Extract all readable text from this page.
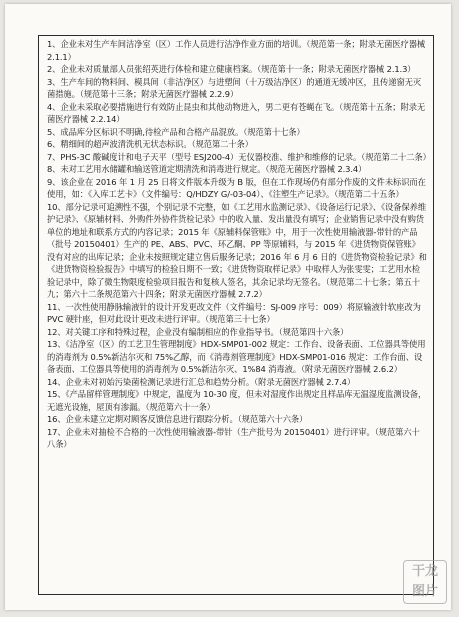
1、企业未对生产车间洁净室（区）工作人员进行洁净作业方面的培训。（规范第一条；附录无菌医疗器械 2.1.1）

2、企业未对质量部人员张绍英进行体检和建立健康档案。（规范第十一条；附录无菌医疗器械 2.1.3）

3、生产车间的物料间、模具间（非洁净区）与进塑间（十万级洁净区）的通道无缓冲区，且传递窗无灭菌措施。（规范第十三条；附录无菌医疗器械 2.2.9）

4、企业未采取必要措施进行有效防止昆虫和其他动物进入，男二更有苍蝇在飞。（规范第十五条；附录无菌医疗器械 2.2.14）

5、成品库分区标识不明确,待检产品和合格产品混放。（规范第十七条）

6、精细间的超声波清洗机无状态标识。（规范第二十条）

7、PHS-3C 酸碱度计和电子天平（型号 ESJ200-4）无仪器校准、维护和维修的记录。（规范第二十二条）

8、未对工艺用水储罐和输送管道定期清洗和消毒进行规定。（规范无菌医疗器械 2.3.4）

9、该企业在 2016 年 1 月 25 日将文件版本升级为 B 版，但在工作现场仍有部分作废的文件未标识而在使用，如：《入库工艺卡》（文件编号：Q/HDZY G/-03-04）、《注塑生产记录》。（规范第二十五条）

10、部分记录可追溯性不强，个别记录不完整，如《工艺用水监测记录》、《设备运行记录》、《设备保养维护记录》、《原辅材料、外购件外协件货检记录》中的收入量、发出量没有填写；企业销售记录中没有购货单位的地址和联系方式的内容记录；2015 年《原辅料保管账》中，用于一次性使用输液器-带针的产品（批号 20150401）生产的 PE、ABS、PVC、环乙酮、PP 等原辅料，与 2015 年《进货物资保管账》没有对应的出库记录；企业未按照规定建立售后服务记录；2016 年 6 月 6 日的《进货物资检验记录》和《进货物资检验报告》中填写的检验日期不一致；《进货物资取样记录》中取样人为张雯雯；工艺用水检验记录中，除了微生物限度检验项目报告和复核人签名，其余记录均无签名。（规范第二十七条；第五十九；第六十二条规范第六十四条；附录无菌医疗器械 2.7.2）

11、一次性使用静脉输液针的设计开发更改文件（文件编号：SJ-009 序号：009）将原输液针软座改为 PVC 硬针座，但对此设计更改未进行评审。（规范第三十七条）

12、对关键工序和特殊过程，企业没有编制相应的作业指导书。（规范第四十六条）

13、《洁净室（区）的工艺卫生管理制度》HDX-SMP01-002 规定：工作台、设备表面、工位器具等使用的消毒剂为 0.5%新洁尔灭和 75%乙醇，而《消毒剂管理制度》HDX-SMP01-016 规定：工作台面、设备表面、工位器具等使用的消毒剂为 0.5%新洁尔灭、1%84 消毒液。（附录无菌医疗器械 2.6.2）

14、企业未对初始污染菌检测记录进行汇总和趋势分析。（附录无菌医疗器械 2.7.4）

15、《产品留样管理制度》中规定，温度为 10-30 度，但未对湿度作出规定且样品库无温湿度监测设备，无遮光设施，屋顶有渗漏。（规范第六十一条）

16、企业未建立定期对顾客反馈信息进行跟踪分析。（规范第六十六条）

17、企业未对抽检不合格的一次性使用输液器-带针（生产批号为 20150401）进行评审。（规范第六十八条）

干龙
图片
